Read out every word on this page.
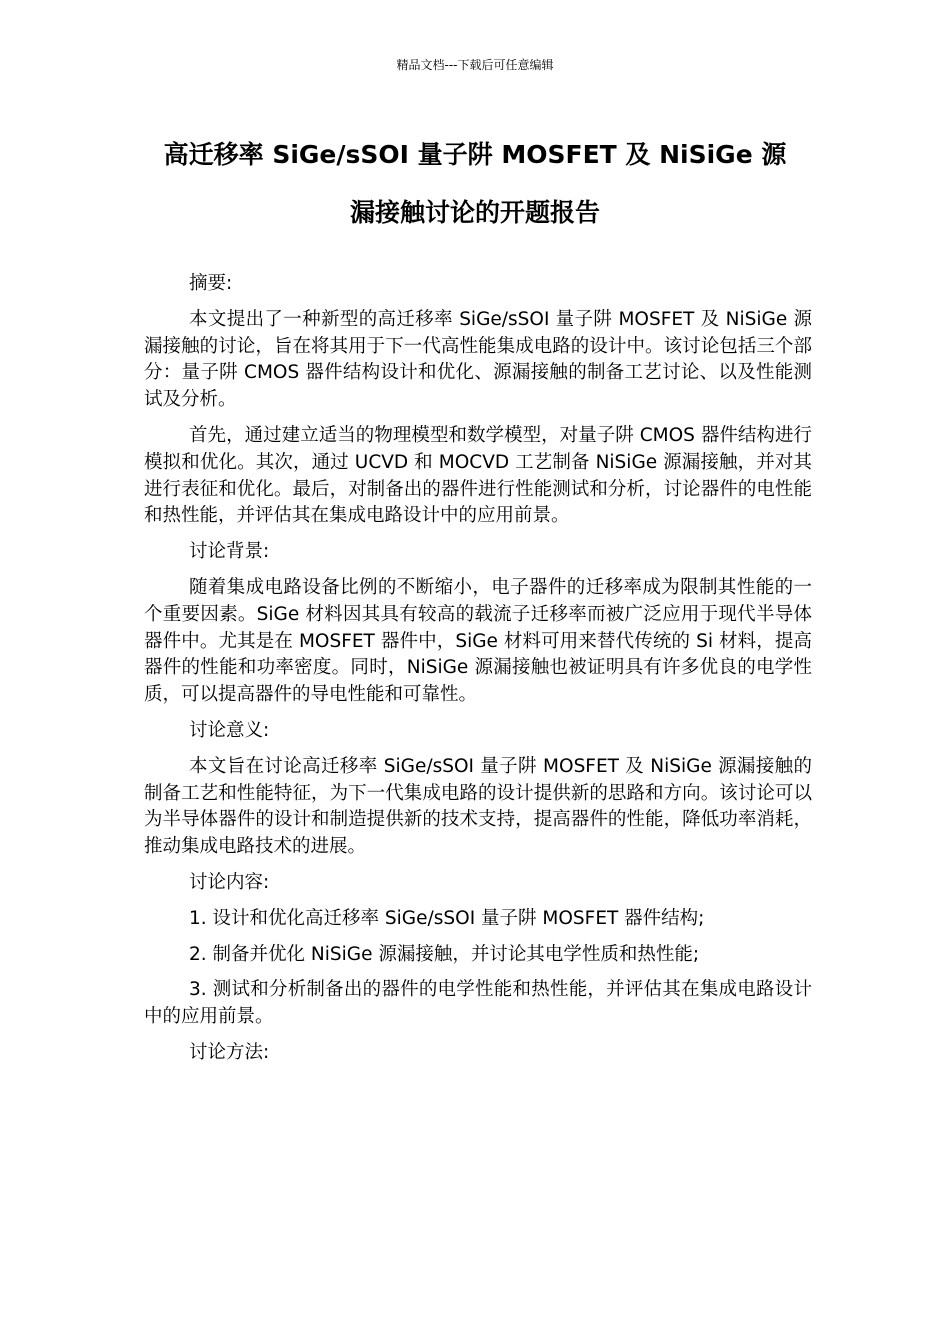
精品文档---下载后可任意编辑
高迁移率 SiGe/sSOI 量子阱 MOSFET 及 NiSiGe 源
漏接触讨论的开题报告

摘要:

本文提出了一种新型的高迁移率 SiGe/sSOI 量子阱 MOSFET 及 NiSiGe 源漏接触的讨论，旨在将其用于下一代高性能集成电路的设计中。该讨论包括三个部分：量子阱 CMOS 器件结构设计和优化、源漏接触的制备工艺讨论、以及性能测试及分析。

首先，通过建立适当的物理模型和数学模型，对量子阱 CMOS 器件结构进行模拟和优化。其次，通过 UCVD 和 MOCVD 工艺制备 NiSiGe 源漏接触，并对其进行表征和优化。最后，对制备出的器件进行性能测试和分析，讨论器件的电性能和热性能，并评估其在集成电路设计中的应用前景。

讨论背景:

随着集成电路设备比例的不断缩小，电子器件的迁移率成为限制其性能的一个重要因素。SiGe 材料因其具有较高的载流子迁移率而被广泛应用于现代半导体器件中。尤其是在 MOSFET 器件中，SiGe 材料可用来替代传统的 Si 材料，提高器件的性能和功率密度。同时，NiSiGe 源漏接触也被证明具有许多优良的电学性质，可以提高器件的导电性能和可靠性。

讨论意义:

本文旨在讨论高迁移率 SiGe/sSOI 量子阱 MOSFET 及 NiSiGe 源漏接触的制备工艺和性能特征，为下一代集成电路的设计提供新的思路和方向。该讨论可以为半导体器件的设计和制造提供新的技术支持，提高器件的性能，降低功率消耗，推动集成电路技术的进展。

讨论内容:

1. 设计和优化高迁移率 SiGe/sSOI 量子阱 MOSFET 器件结构;

2. 制备并优化 NiSiGe 源漏接触，并讨论其电学性质和热性能;

3. 测试和分析制备出的器件的电学性能和热性能，并评估其在集成电路设计中的应用前景。

讨论方法:
